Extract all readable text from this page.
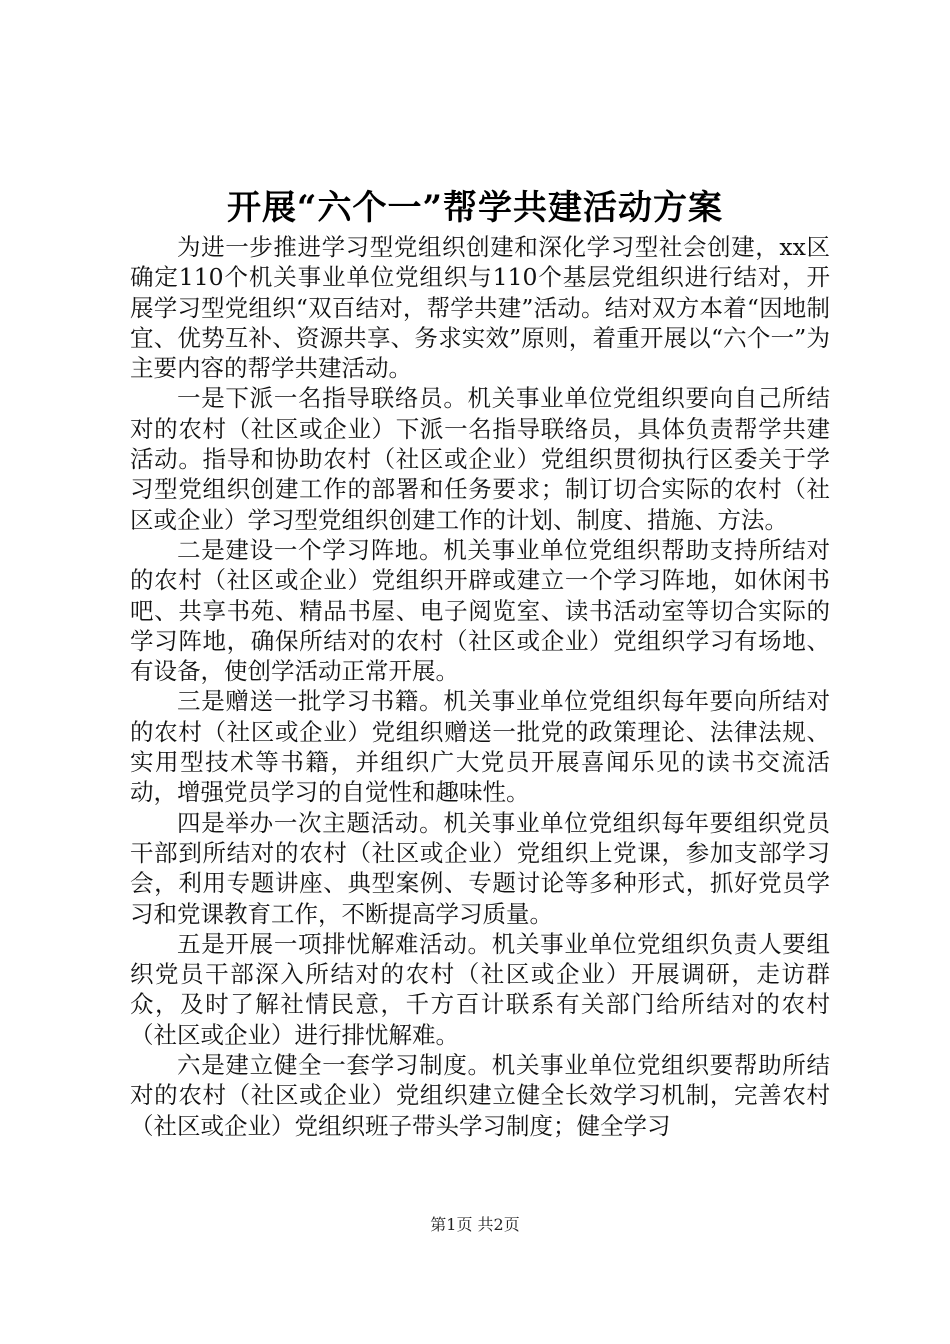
开展“六个一”帮学共建活动方案

为进一步推进学习型党组织创建和深化学习型社会创建，xx区确定110个机关事业单位党组织与110个基层党组织进行结对，开展学习型党组织“双百结对，帮学共建”活动。结对双方本着“因地制宜、优势互补、资源共享、务求实效”原则，着重开展以“六个一”为主要内容的帮学共建活动。

一是下派一名指导联络员。机关事业单位党组织要向自己所结对的农村（社区或企业）下派一名指导联络员，具体负责帮学共建活动。指导和协助农村（社区或企业）党组织贯彻执行区委关于学习型党组织创建工作的部署和任务要求；制订切合实际的农村（社区或企业）学习型党组织创建工作的计划、制度、措施、方法。

二是建设一个学习阵地。机关事业单位党组织帮助支持所结对的农村（社区或企业）党组织开辟或建立一个学习阵地，如休闲书吧、共享书苑、精品书屋、电子阅览室、读书活动室等切合实际的学习阵地，确保所结对的农村（社区或企业）党组织学习有场地、有设备，使创学活动正常开展。

三是赠送一批学习书籍。机关事业单位党组织每年要向所结对的农村（社区或企业）党组织赠送一批党的政策理论、法律法规、实用型技术等书籍，并组织广大党员开展喜闻乐见的读书交流活动，增强党员学习的自觉性和趣味性。

四是举办一次主题活动。机关事业单位党组织每年要组织党员干部到所结对的农村（社区或企业）党组织上党课，参加支部学习会，利用专题讲座、典型案例、专题讨论等多种形式，抓好党员学习和党课教育工作，不断提高学习质量。

五是开展一项排忧解难活动。机关事业单位党组织负责人要组织党员干部深入所结对的农村（社区或企业）开展调研，走访群众，及时了解社情民意，千方百计联系有关部门给所结对的农村（社区或企业）进行排忧解难。

六是建立健全一套学习制度。机关事业单位党组织要帮助所结对的农村（社区或企业）党组织建立健全长效学习机制，完善农村（社区或企业）党组织班子带头学习制度；健全学习

第1页 共2页
